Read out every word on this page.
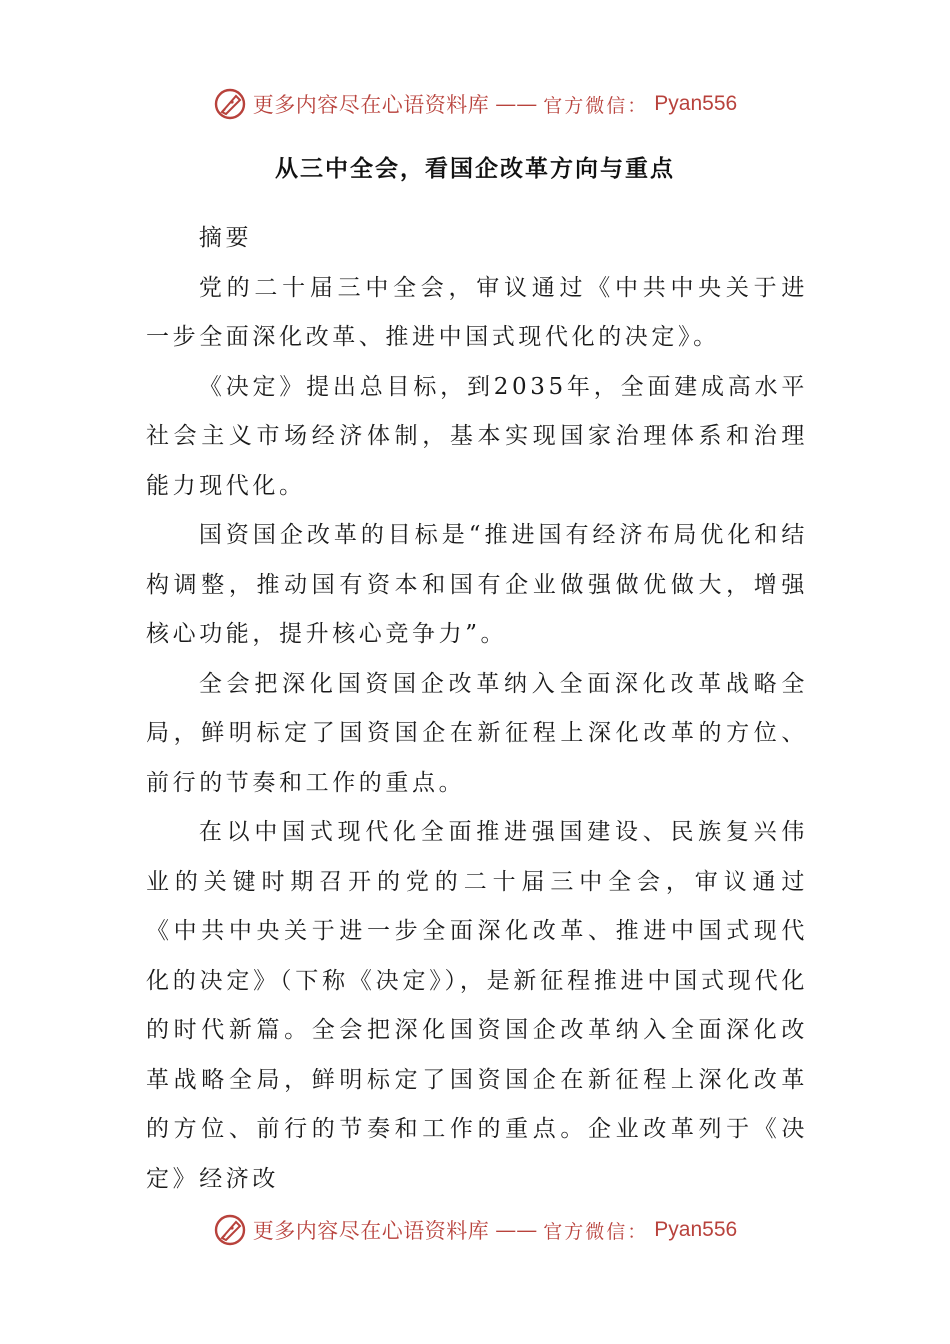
更多内容尽在心语资料库 —— 官方微信： Pyan556
从三中全会，看国企改革方向与重点

摘要

党的二十届三中全会，审议通过《中共中央关于进一步全面深化改革、推进中国式现代化的决定》。

《决定》提出总目标，到2035年，全面建成高水平社会主义市场经济体制，基本实现国家治理体系和治理能力现代化。

国资国企改革的目标是“推进国有经济布局优化和结构调整，推动国有资本和国有企业做强做优做大，增强核心功能，提升核心竞争力”。

全会把深化国资国企改革纳入全面深化改革战略全局，鲜明标定了国资国企在新征程上深化改革的方位、前行的节奏和工作的重点。

在以中国式现代化全面推进强国建设、民族复兴伟业的关键时期召开的党的二十届三中全会，审议通过《中共中央关于进一步全面深化改革、推进中国式现代化的决定》（下称《决定》），是新征程推进中国式现代化的时代新篇。全会把深化国资国企改革纳入全面深化改革战略全局，鲜明标定了国资国企在新征程上深化改革的方位、前行的节奏和工作的重点。企业改革列于《决定》经济改

更多内容尽在心语资料库 —— 官方微信： Pyan556
